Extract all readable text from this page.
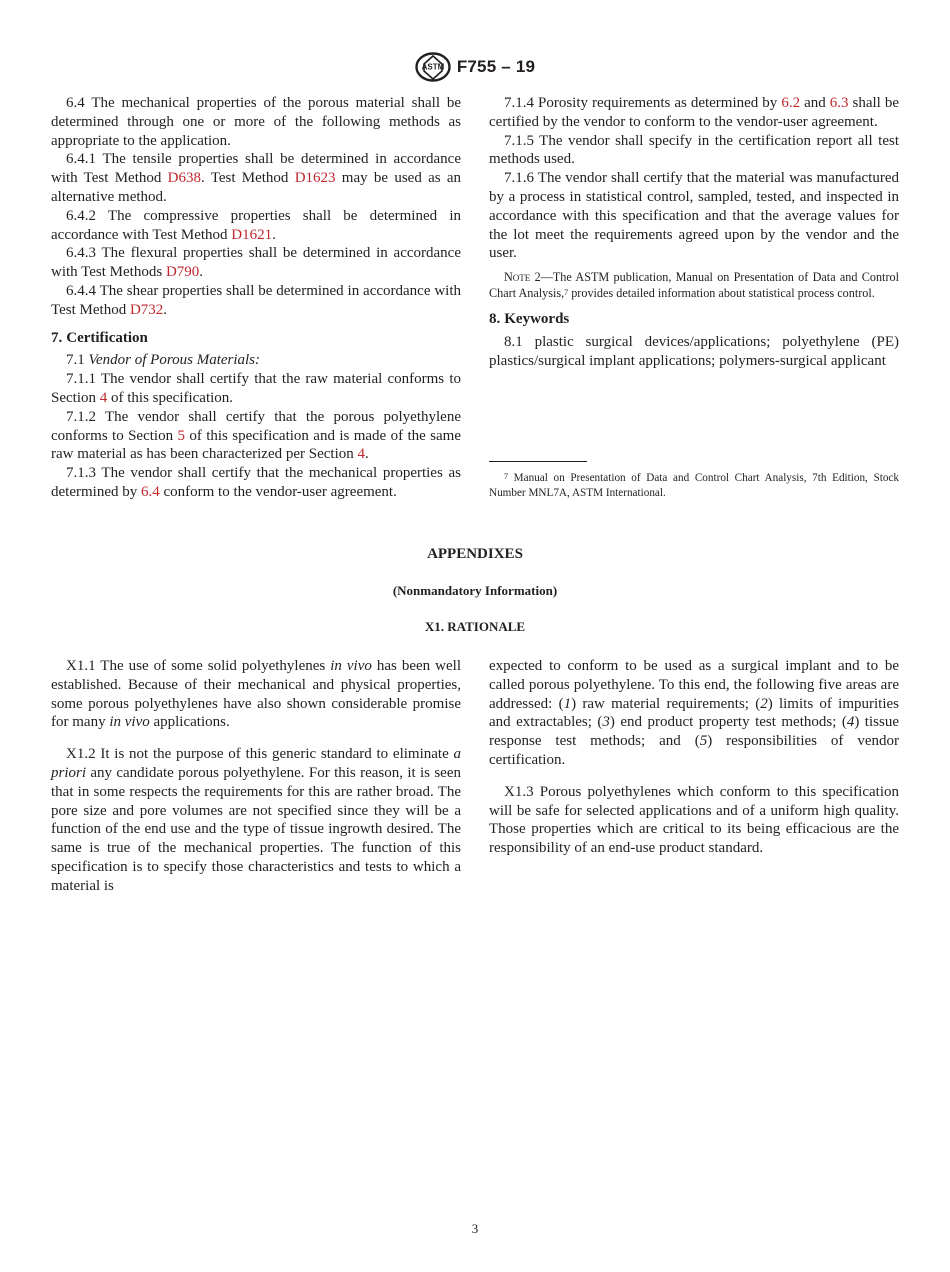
ASTM F755 – 19

6.4 The mechanical properties of the porous material shall be determined through one or more of the following methods as appropriate to the application.

6.4.1 The tensile properties shall be determined in accordance with Test Method D638. Test Method D1623 may be used as an alternative method.

6.4.2 The compressive properties shall be determined in accordance with Test Method D1621.

6.4.3 The flexural properties shall be determined in accordance with Test Methods D790.

6.4.4 The shear properties shall be determined in accordance with Test Method D732.

7. Certification

7.1 Vendor of Porous Materials:

7.1.1 The vendor shall certify that the raw material conforms to Section 4 of this specification.

7.1.2 The vendor shall certify that the porous polyethylene conforms to Section 5 of this specification and is made of the same raw material as has been characterized per Section 4.

7.1.3 The vendor shall certify that the mechanical properties as determined by 6.4 conform to the vendor-user agreement.

7.1.4 Porosity requirements as determined by 6.2 and 6.3 shall be certified by the vendor to conform to the vendor-user agreement.

7.1.5 The vendor shall specify in the certification report all test methods used.

7.1.6 The vendor shall certify that the material was manufactured by a process in statistical control, sampled, tested, and inspected in accordance with this specification and that the average values for the lot meet the requirements agreed upon by the vendor and the user.

Note 2—The ASTM publication, Manual on Presentation of Data and Control Chart Analysis,$^7$ provides detailed information about statistical process control.

8. Keywords

8.1 plastic surgical devices/applications; polyethylene (PE) plastics/surgical implant applications; polymers-surgical applicant

$^7$ Manual on Presentation of Data and Control Chart Analysis, 7th Edition, Stock Number MNL7A, ASTM International.
APPENDIXES
(Nonmandatory Information)
X1. RATIONALE

X1.1 The use of some solid polyethylenes in vivo has been well established. Because of their mechanical and physical properties, some porous polyethylenes have also shown considerable promise for many in vivo applications.

X1.2 It is not the purpose of this generic standard to eliminate a priori any candidate porous polyethylene. For this reason, it is seen that in some respects the requirements for this are rather broad. The pore size and pore volumes are not specified since they will be a function of the end use and the type of tissue ingrowth desired. The same is true of the mechanical properties. The function of this specification is to specify those characteristics and tests to which a material is

expected to conform to be used as a surgical implant and to be called porous polyethylene. To this end, the following five areas are addressed: (1) raw material requirements; (2) limits of impurities and extractables; (3) end product property test methods; (4) tissue response test methods; and (5) responsibilities of vendor certification.

X1.3 Porous polyethylenes which conform to this specification will be safe for selected applications and of a uniform high quality. Those properties which are critical to its being efficacious are the responsibility of an end-use product standard.

3
